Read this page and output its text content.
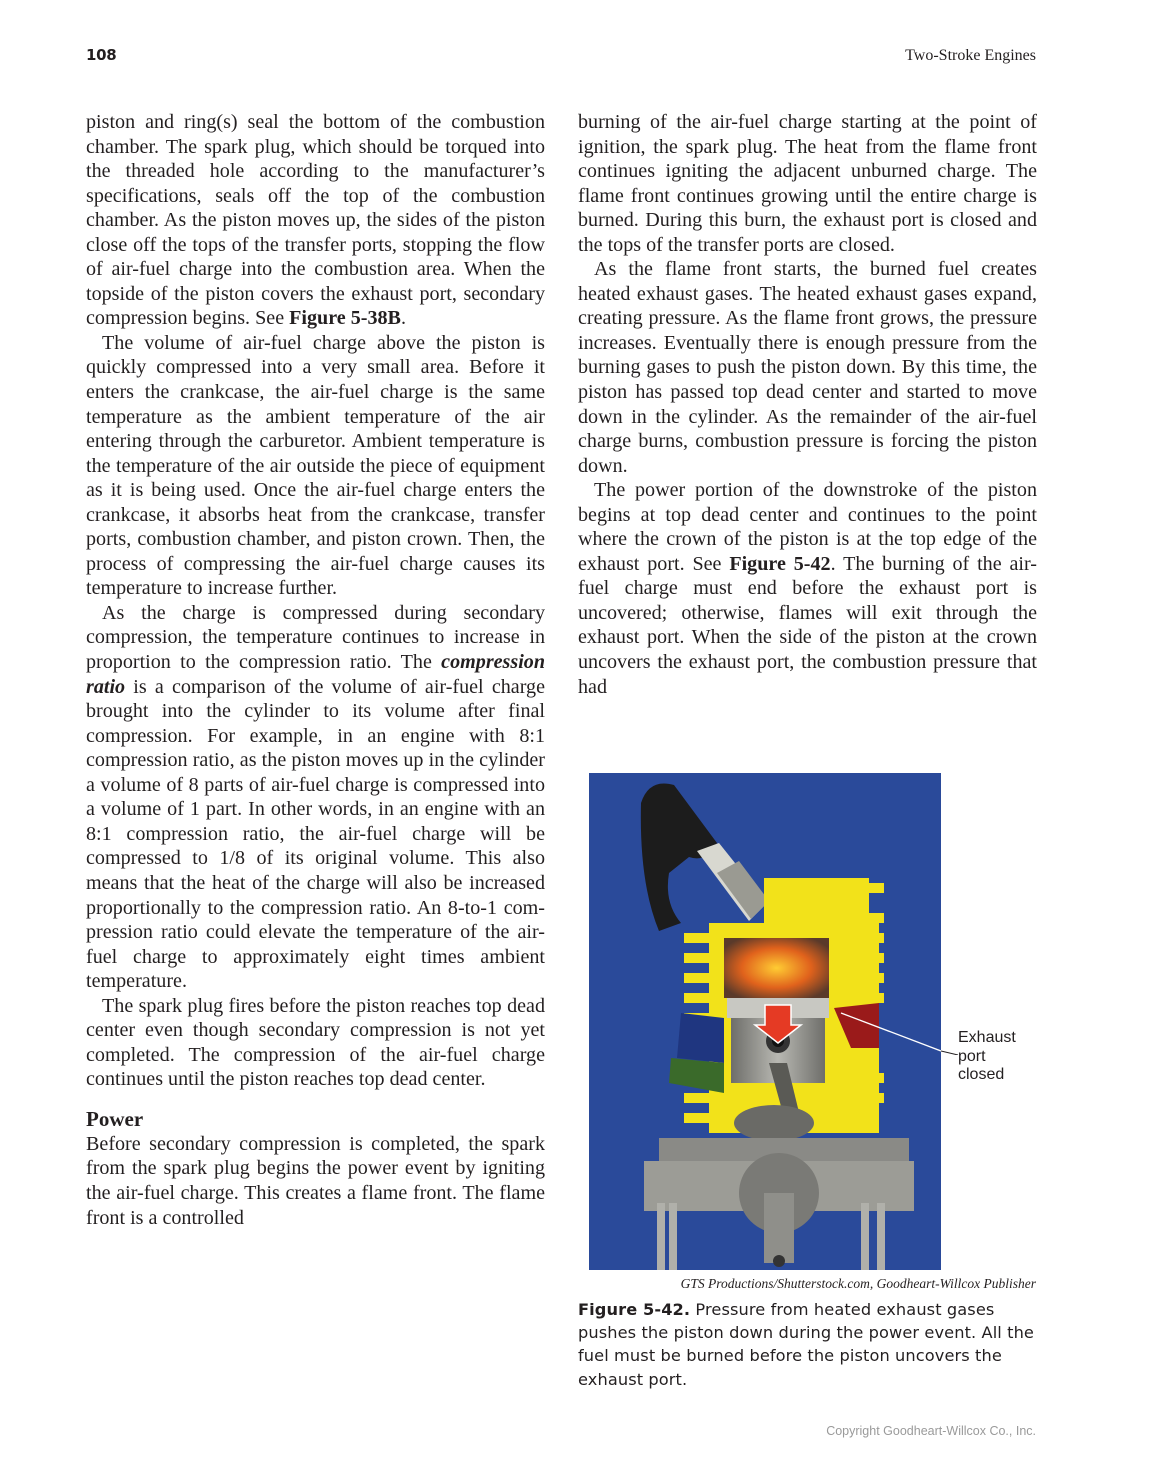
108	Two-Stroke Engines

piston and ring(s) seal the bottom of the combustion chamber. The spark plug, which should be torqued into the threaded hole according to the manufacturer’s specifications, seals off the top of the combustion chamber. As the piston moves up, the sides of the piston close off the tops of the transfer ports, stopping the flow of air-fuel charge into the combustion area. When the topside of the piston covers the exhaust port, secondary compression begins. See Figure 5-38B.

The volume of air-fuel charge above the piston is quickly compressed into a very small area. Before it enters the crankcase, the air-fuel charge is the same temperature as the ambient temperature of the air entering through the carburetor. Ambient temperature is the temperature of the air outside the piece of equipment as it is being used. Once the air-fuel charge enters the crankcase, it absorbs heat from the crankcase, transfer ports, combustion chamber, and piston crown. Then, the process of compressing the air-fuel charge causes its temperature to increase further.

As the charge is compressed during secondary compression, the temperature continues to increase in proportion to the compression ratio. The compression ratio is a comparison of the volume of air-fuel charge brought into the cylinder to its volume after final compression. For example, in an engine with 8:1 compression ratio, as the piston moves up in the cylinder a volume of 8 parts of air-fuel charge is compressed into a volume of 1 part. In other words, in an engine with an 8:1 compression ratio, the air-fuel charge will be compressed to 1/8 of its original volume. This also means that the heat of the charge will also be increased proportionally to the compression ratio. An 8-to-1 compression ratio could elevate the temperature of the air-fuel charge to approximately eight times ambient temperature.

The spark plug fires before the piston reaches top dead center even though secondary compression is not yet completed. The compression of the air-fuel charge continues until the piston reaches top dead center.

Power

Before secondary compression is completed, the spark from the spark plug begins the power event by igniting the air-fuel charge. This creates a flame front. The flame front is a controlled

burning of the air-fuel charge starting at the point of ignition, the spark plug. The heat from the flame front continues igniting the adjacent unburned charge. The flame front continues growing until the entire charge is burned. During this burn, the exhaust port is closed and the tops of the transfer ports are closed.

As the flame front starts, the burned fuel creates heated exhaust gases. The heated exhaust gases expand, creating pressure. As the flame front grows, the pressure increases. Eventually there is enough pressure from the burning gases to push the piston down. By this time, the piston has passed top dead center and started to move down in the cylinder. As the remainder of the air-fuel charge burns, combustion pressure is forcing the piston down.

The power portion of the downstroke of the piston begins at top dead center and continues to the point where the crown of the piston is at the top edge of the exhaust port. See Figure 5-42. The burning of the air-fuel charge must end before the exhaust port is uncovered; otherwise, flames will exit through the exhaust port. When the side of the piston at the crown uncovers the exhaust port, the combustion pressure that had

Exhaust
port
closed
GTS Productions/Shutterstock.com, Goodheart-Willcox Publisher
Figure 5-42. Pressure from heated exhaust gases pushes the piston down during the power event. All the fuel must be burned before the piston uncovers the exhaust port.
Copyright Goodheart-Willcox Co., Inc.
